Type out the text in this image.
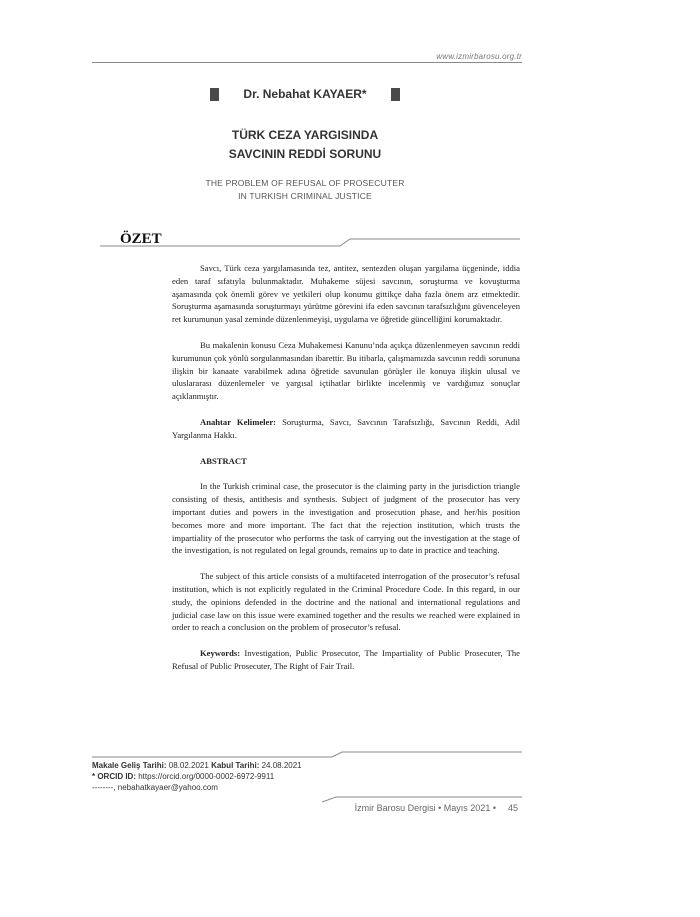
www.izmirbarosu.org.tr
Dr. Nebahat KAYAER*
TÜRK CEZA YARGISINDA
SAVCININ REDDİ SORUNU
THE PROBLEM OF REFUSAL OF PROSECUTER
IN TURKISH CRIMINAL JUSTICE
ÖZET

Savcı, Türk ceza yargılamasında tez, antitez, sentezden oluşan yargılama üçgeninde, iddia eden taraf sıfatıyla bulunmaktadır. Muhakeme süjesi savcının, soruşturma ve kovuşturma aşamasında çok önemli görev ve yetkileri olup konumu gittikçe daha fazla önem arz etmektedir. Soruşturma aşamasında soruşturmayı yürütme görevini ifa eden savcının tarafsızlığını güvenceleyen ret kurumunun yasal zeminde düzenlenmeyişi, uygulama ve öğretide güncelliğini korumaktadır.

Bu makalenin konusu Ceza Muhakemesi Kanunu’nda açıkça düzenlenmeyen savcının reddi kurumunun çok yönlü sorgulanmasından ibarettir. Bu itibarla, çalışmamızda savcının reddi sorununa ilişkin bir kanaate varabilmek adına öğretide savunulan görüşler ile konuya ilişkin ulusal ve uluslararası düzenlemeler ve yargısal içtihatlar birlikte incelenmiş ve vardığımız sonuçlar açıklanmıştır.

Anahtar Kelimeler: Soruşturma, Savcı, Savcının Tarafsızlığı, Savcının Reddi, Adil Yargılanma Hakkı.

ABSTRACT

In the Turkish criminal case, the prosecutor is the claiming party in the jurisdiction triangle consisting of thesis, antithesis and synthesis. Subject of judgment of the prosecutor has very important duties and powers in the investigation and prosecution phase, and her/his position becomes more and more important. The fact that the rejection institution, which trusts the impartiality of the prosecutor who performs the task of carrying out the investigation at the stage of the investigation, is not regulated on legal grounds, remains up to date in practice and teaching.

The subject of this article consists of a multifaceted interrogation of the prosecutor’s refusal institution, which is not explicitly regulated in the Criminal Procedure Code. In this regard, in our study, the opinions defended in the doctrine and the national and international regulations and judicial case law on this issue were examined together and the results we reached were explained in order to reach a conclusion on the problem of prosecutor’s refusal.

Keywords: Investigation, Public Prosecutor, The Impartiality of Public Prosecuter, The Refusal of Public Prosecuter, The Right of Fair Trail.

Makale Geliş Tarihi: 08.02.2021 Kabul Tarihi: 24.08.2021
* ORCID ID: https://orcid.org/0000-0002-6972-9911
--------, nebahatkayaer@yahoo.com
İzmir Barosu Dergisi • Mayıs 2021 • 45
